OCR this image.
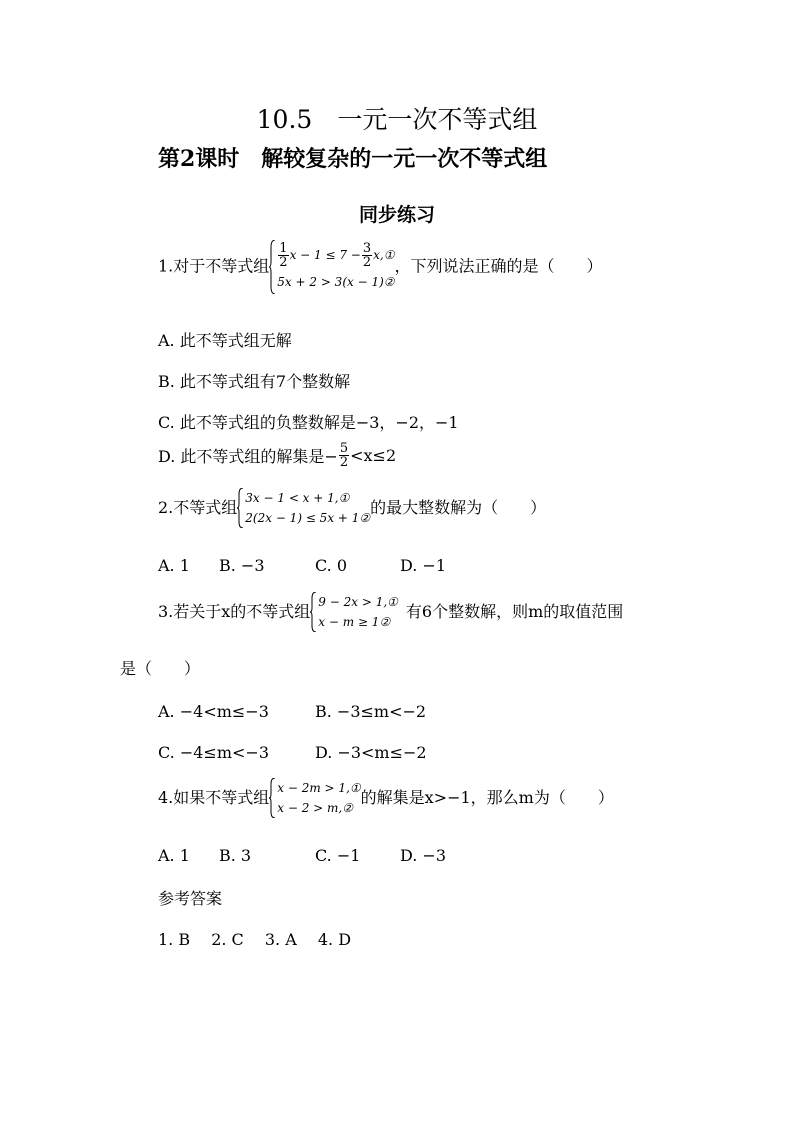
10.5　一元一次不等式组
第2课时　解较复杂的一元一次不等式组
同步练习
1.对于不等式组 $\frac{1}{2}$ $x - 1 \le 7 - \frac{3}{2}$ x,①
5x + 2 > 3(x − 1)②
，下列说法正确的是（　　）
A. 此不等式组无解
B. 此不等式组有7个整数解
C. 此不等式组的负整数解是−3，−2，−1
D. 此不等式组的解集是− $\frac{5}{2} <x\le 2$
2.不等式组 3x − 1 < x + 1,①
2(2x − 1) ≤ 5x + 1②
的最大整数解为（　　）
A. 1 B. −3	C. 0	D. −1
3.若关于x的不等式组 9 − 2x > 1,①
x − m ≥ 1②
有6个整数解，则m的取值范围
是（　　）
A. −4<m≤−3	B. −3≤m<−2
C. −4≤m<−3	D. −3<m≤−2
4.如果不等式组 x − 2m > 1,①
x − 2 > m,②
的解集是x>−1，那么m为（　　）
A. 1 B. 3	C. −1 D. −3
参考答案
1. B　 2. C　 3. A　 4. D
